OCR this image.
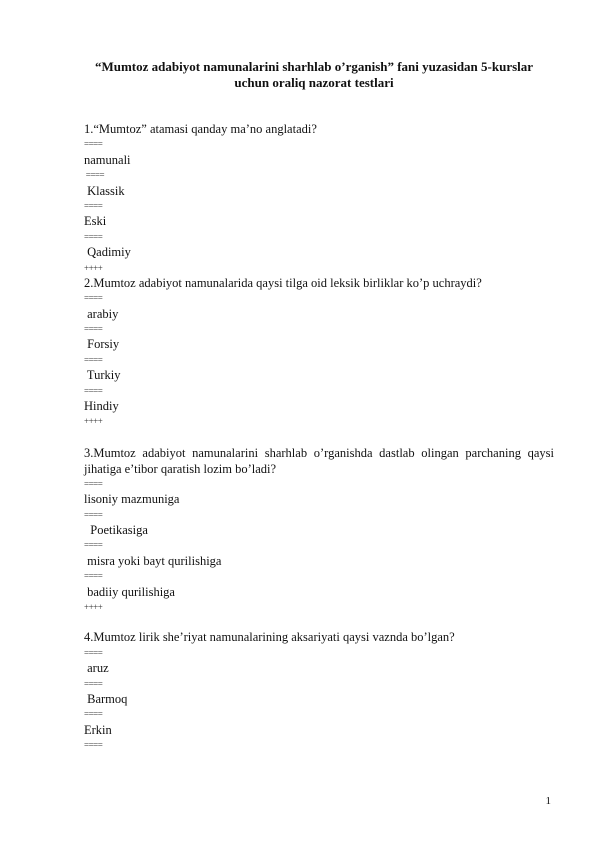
“Mumtoz adabiyot namunalarini sharhlab o’rganish” fani yuzasidan 5-kurslar uchun oraliq nazorat testlari
1.“Mumtoz” atamasi qanday ma’no anglatadi?
====
namunali
====
Klassik
====
Eski
====
Qadimiy
++++
2.Mumtoz adabiyot namunalarida qaysi tilga oid leksik birliklar ko’p uchraydi?
====
arabiy
====
Forsiy
====
Turkiy
====
Hindiy
++++
3.Mumtoz adabiyot namunalarini sharhlab o’rganishda dastlab olingan parchaning qaysi jihatiga e’tibor qaratish lozim bo’ladi?
====
lisoniy mazmuniga
====
Poetikasiga
====
misra yoki bayt qurilishiga
====
badiiy qurilishiga
++++
4.Mumtoz lirik she’riyat namunalarining aksariyati qaysi vaznda bo’lgan?
====
aruz
====
Barmoq
====
Erkin
====
1
